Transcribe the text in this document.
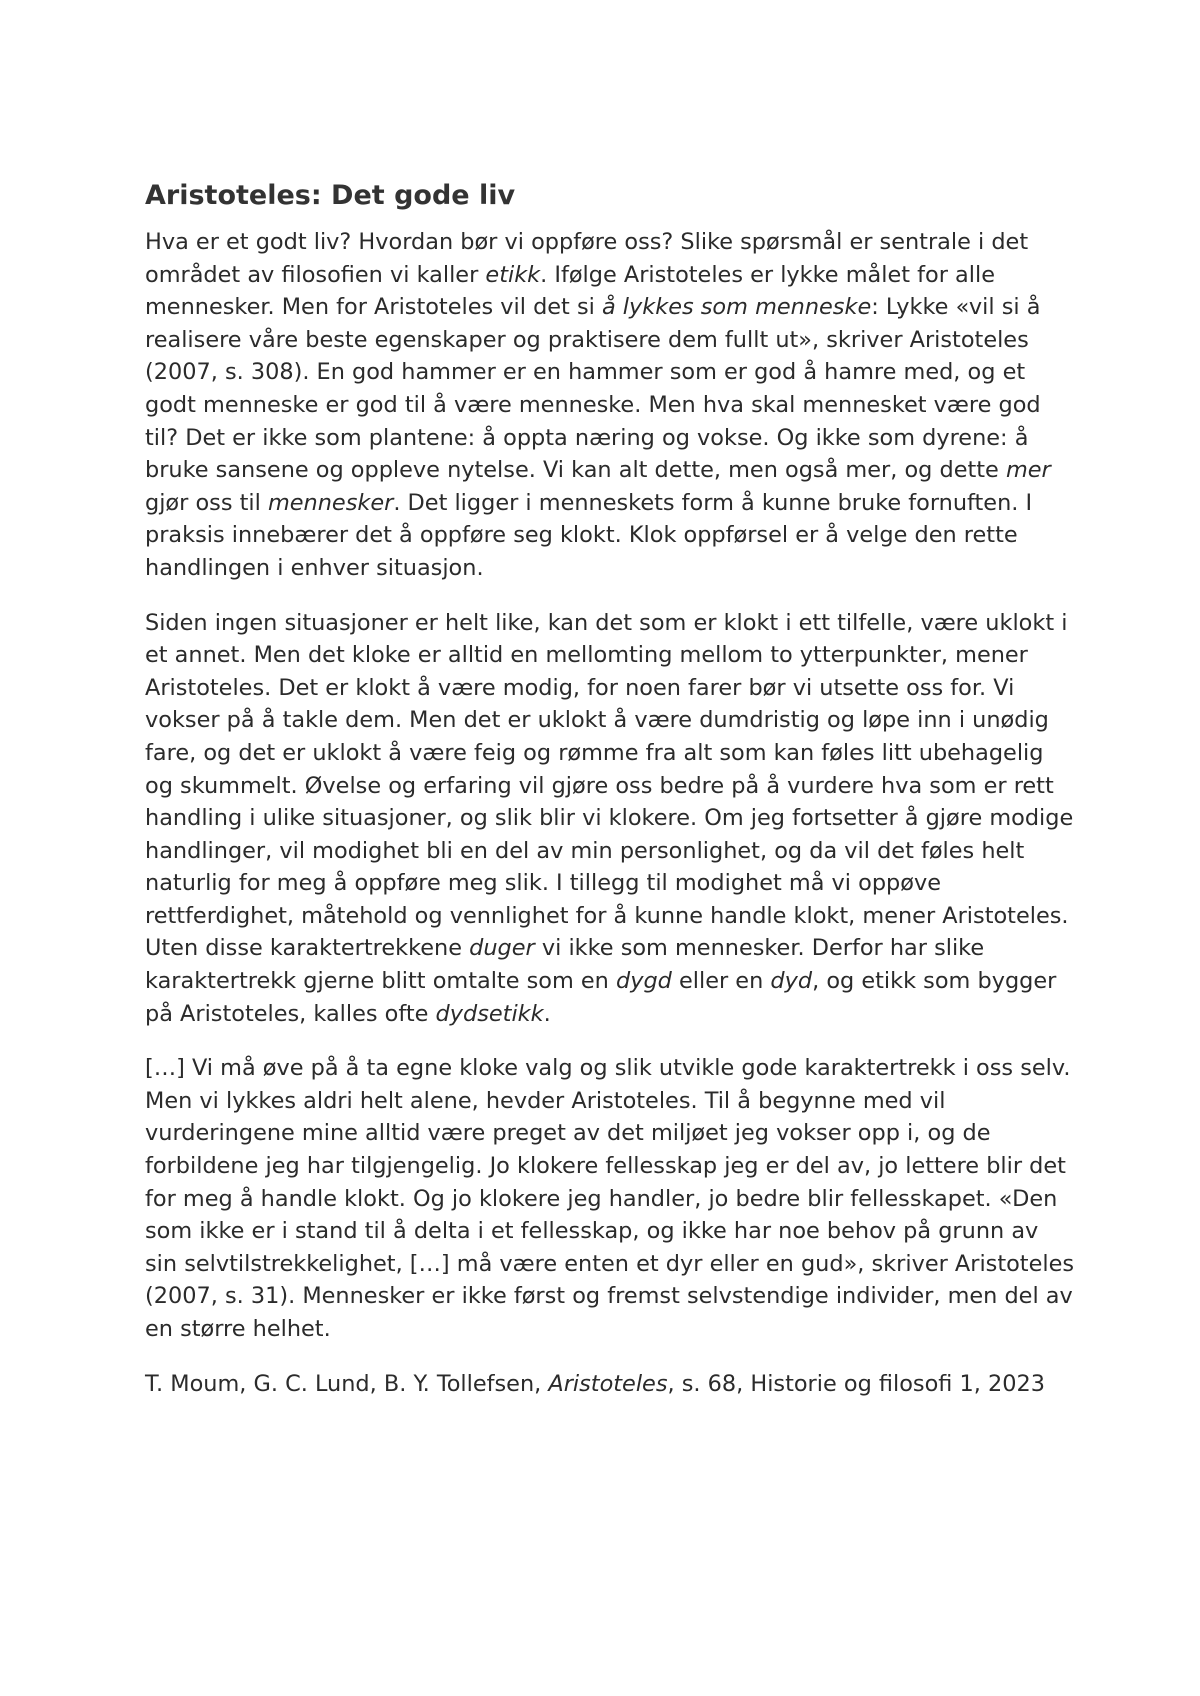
Aristoteles: Det gode liv

Hva er et godt liv? Hvordan bør vi oppføre oss? Slike spørsmål er sentrale i det området av filosofien vi kaller etikk. Ifølge Aristoteles er lykke målet for alle mennesker. Men for Aristoteles vil det si å lykkes som menneske: Lykke «vil si å realisere våre beste egenskaper og praktisere dem fullt ut», skriver Aristoteles (2007, s. 308). En god hammer er en hammer som er god å hamre med, og et godt menneske er god til å være menneske. Men hva skal mennesket være god til? Det er ikke som plantene: å oppta næring og vokse. Og ikke som dyrene: å bruke sansene og oppleve nytelse. Vi kan alt dette, men også mer, og dette mer gjør oss til mennesker. Det ligger i menneskets form å kunne bruke fornuften. I praksis innebærer det å oppføre seg klokt. Klok oppførsel er å velge den rette handlingen i enhver situasjon.

Siden ingen situasjoner er helt like, kan det som er klokt i ett tilfelle, være uklokt i et annet. Men det kloke er alltid en mellomting mellom to ytterpunkter, mener Aristoteles. Det er klokt å være modig, for noen farer bør vi utsette oss for. Vi vokser på å takle dem. Men det er uklokt å være dumdristig og løpe inn i unødig fare, og det er uklokt å være feig og rømme fra alt som kan føles litt ubehagelig og skummelt. Øvelse og erfaring vil gjøre oss bedre på å vurdere hva som er rett handling i ulike situasjoner, og slik blir vi klokere. Om jeg fortsetter å gjøre modige handlinger, vil modighet bli en del av min personlighet, og da vil det føles helt naturlig for meg å oppføre meg slik. I tillegg til modighet må vi oppøve rettferdighet, måtehold og vennlighet for å kunne handle klokt, mener Aristoteles. Uten disse karaktertrekkene duger vi ikke som mennesker. Derfor har slike karaktertrekk gjerne blitt omtalte som en dygd eller en dyd, og etikk som bygger på Aristoteles, kalles ofte dydsetikk.

[…] Vi må øve på å ta egne kloke valg og slik utvikle gode karaktertrekk i oss selv. Men vi lykkes aldri helt alene, hevder Aristoteles. Til å begynne med vil vurderingene mine alltid være preget av det miljøet jeg vokser opp i, og de forbildene jeg har tilgjengelig. Jo klokere fellesskap jeg er del av, jo lettere blir det for meg å handle klokt. Og jo klokere jeg handler, jo bedre blir fellesskapet. «Den som ikke er i stand til å delta i et fellesskap, og ikke har noe behov på grunn av sin selvtilstrekkelighet, […] må være enten et dyr eller en gud», skriver Aristoteles (2007, s. 31). Mennesker er ikke først og fremst selvstendige individer, men del av en større helhet.

T. Moum, G. C. Lund, B. Y. Tollefsen, Aristoteles, s. 68, Historie og filosofi 1, 2023
